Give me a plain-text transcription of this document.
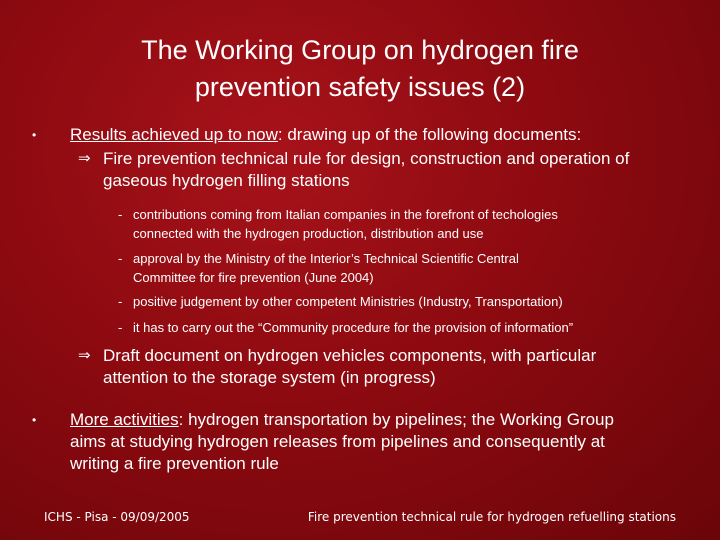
The Working Group on hydrogen fire
prevention safety issues (2)
• Results achieved up to now: drawing up of the following documents:

⇒ Fire prevention technical rule for design, construction and operation of

gaseous hydrogen filling stations

- contributions coming from Italian companies in the forefront of techologies

connected with the hydrogen production, distribution and use

- approval by the Ministry of the Interior’s Technical Scientific Central

Committee for fire prevention (June 2004)

- positive judgement by other competent Ministries (Industry, Transportation)

- it has to carry out the “Community procedure for the provision of information”

⇒ Draft document on hydrogen vehicles components, with particular

attention to the storage system (in progress)

• More activities: hydrogen transportation by pipelines; the Working Group

aims at studying hydrogen releases from pipelines and consequently at

writing a fire prevention rule

ICHS - Pisa - 09/09/2005	Fire prevention technical rule for hydrogen refuelling stations
